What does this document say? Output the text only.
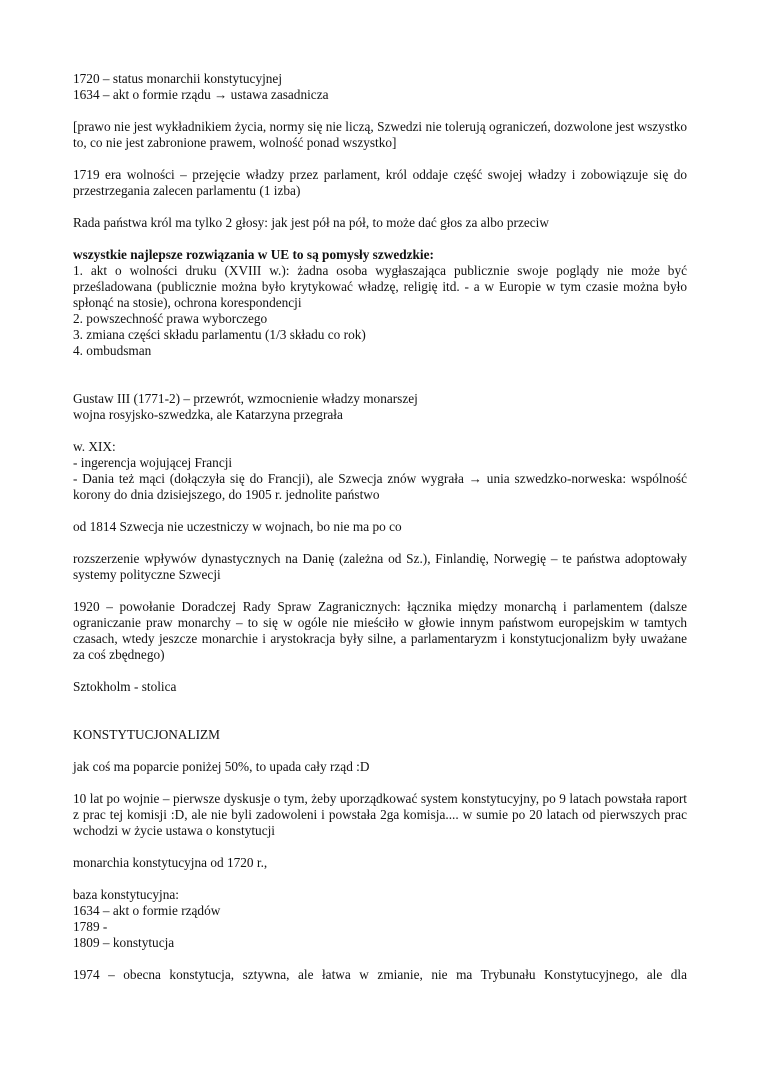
1720 – status monarchii konstytucyjnej
1634 – akt o formie rządu → ustawa zasadnicza

[prawo nie jest wykładnikiem życia, normy się nie liczą, Szwedzi nie tolerują ograniczeń, dozwolone jest wszystko to, co nie jest zabronione prawem, wolność ponad wszystko]

1719 era wolności – przejęcie władzy przez parlament, król oddaje część swojej władzy i zobowiązuje się do przestrzegania zalecen parlamentu (1 izba)

Rada państwa król ma tylko 2 głosy: jak jest pół na pół, to może dać głos za albo przeciw

wszystkie najlepsze rozwiązania w UE to są pomysły szwedzkie:
1. akt o wolności druku (XVIII w.): żadna osoba wygłaszająca publicznie swoje poglądy nie może być prześladowana (publicznie można było krytykować władzę, religię itd. - a w Europie w tym czasie można było spłonąć na stosie), ochrona korespondencji
2. powszechność prawa wyborczego
3. zmiana części składu parlamentu (1/3 składu co rok)
4. ombudsman

Gustaw III (1771-2) – przewrót, wzmocnienie władzy monarszej
wojna rosyjsko-szwedzka, ale Katarzyna przegrała

w. XIX:
- ingerencja wojującej Francji
- Dania też mąci (dołączyła się do Francji), ale Szwecja znów wygrała → unia szwedzko-norweska: wspólność korony do dnia dzisiejszego, do 1905 r. jednolite państwo

od 1814 Szwecja nie uczestniczy w wojnach, bo nie ma po co

rozszerzenie wpływów dynastycznych na Danię (zależna od Sz.), Finlandię, Norwegię – te państwa adoptowały systemy polityczne Szwecji

1920 – powołanie Doradczej Rady Spraw Zagranicznych: łącznika między monarchą i parlamentem (dalsze ograniczanie praw monarchy – to się w ogóle nie mieściło w głowie innym państwom europejskim w tamtych czasach, wtedy jeszcze monarchie i arystokracja były silne, a parlamentaryzm i konstytucjonalizm były uważane za coś zbędnego)

Sztokholm - stolica

KONSTYTUCJONALIZM

jak coś ma poparcie poniżej 50%, to upada cały rząd :D

10 lat po wojnie – pierwsze dyskusje o tym, żeby uporządkować system konstytucyjny, po 9 latach powstała raport z prac tej komisji :D, ale nie byli zadowoleni i powstała 2ga komisja.... w sumie po 20 latach od pierwszych prac wchodzi w życie ustawa o konstytucji

monarchia konstytucyjna od 1720 r.,

baza konstytucyjna:
1634 – akt o formie rządów
1789 -
1809 – konstytucja

1974 – obecna konstytucja, sztywna, ale łatwa w zmianie, nie ma Trybunału Konstytucyjnego, ale dla
